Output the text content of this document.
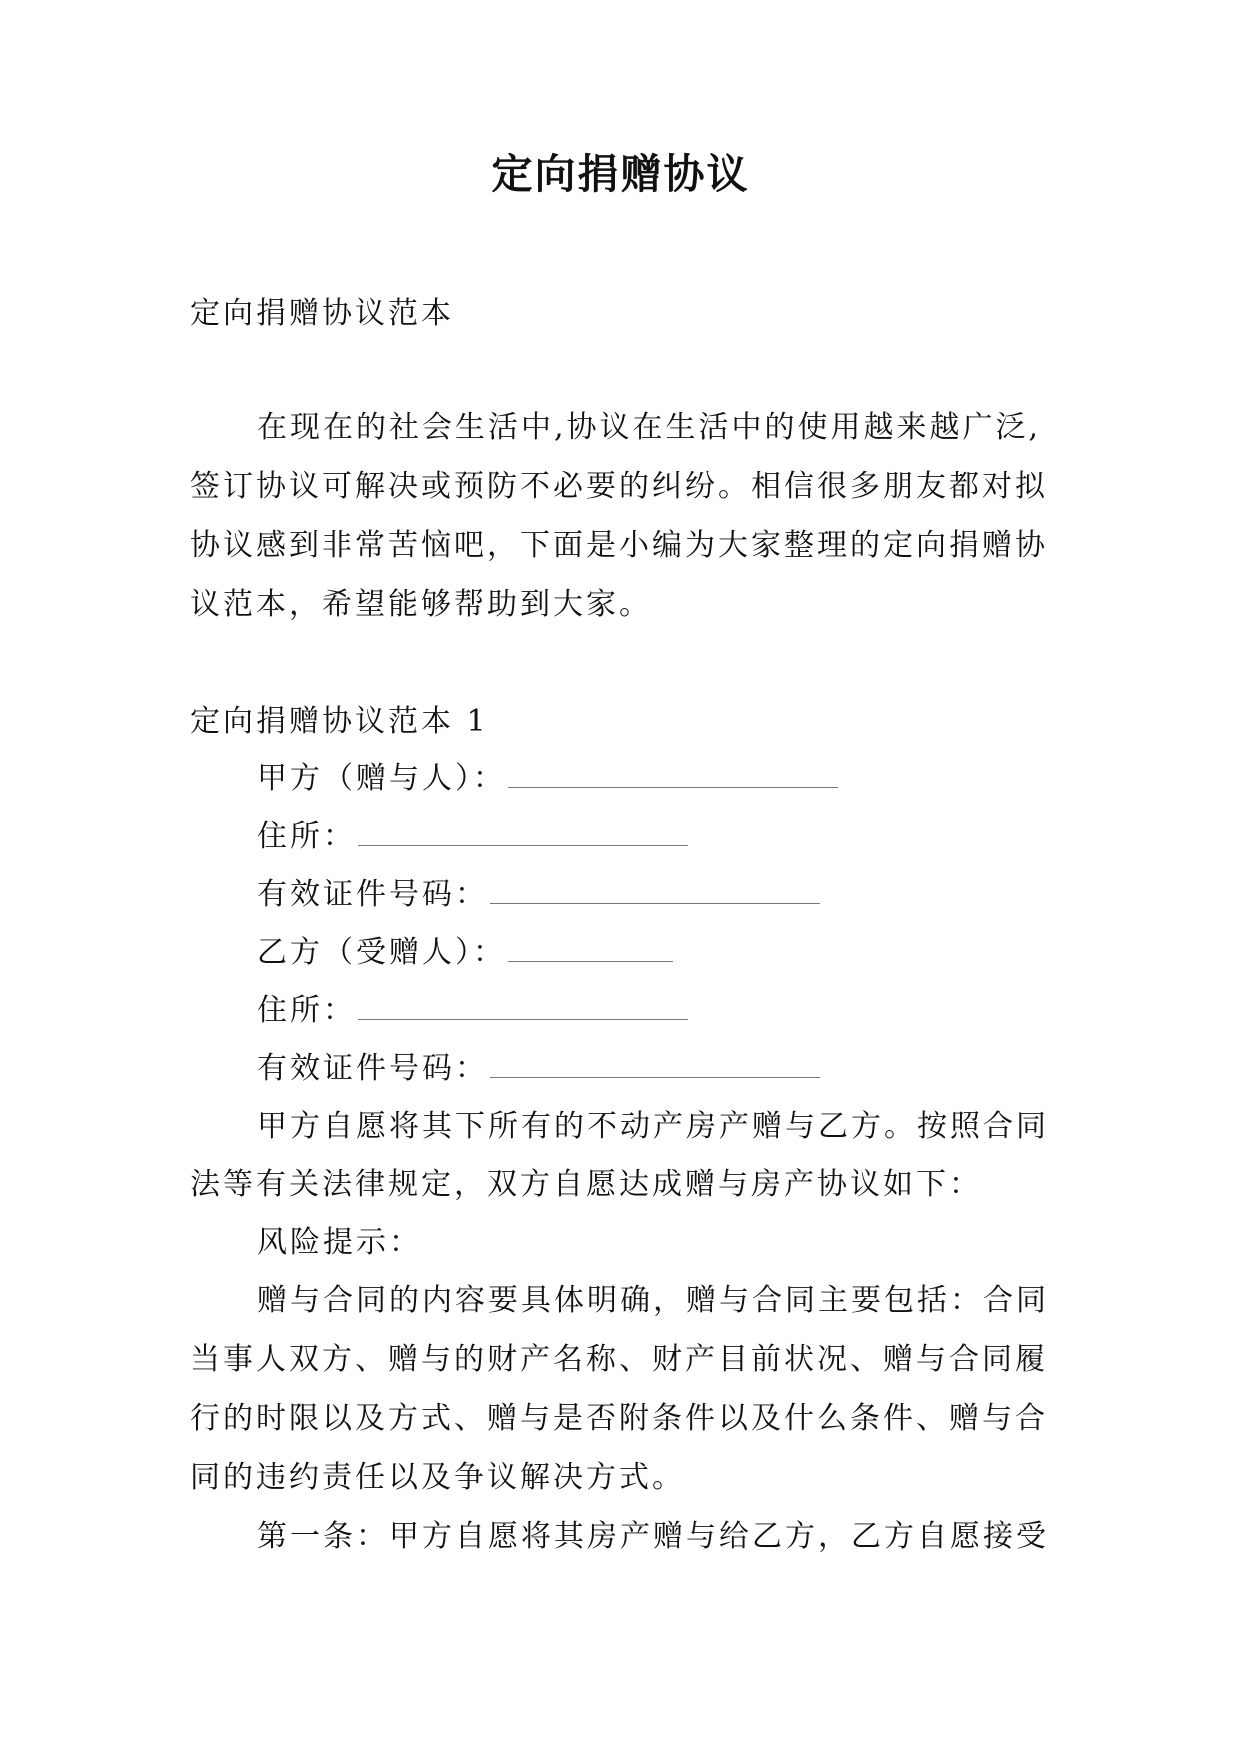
定向捐赠协议
定向捐赠协议范本
在现在的社会生活中,协议在生活中的使用越来越广泛,
签订协议可解决或预防不必要的纠纷。相信很多朋友都对拟
协议感到非常苦恼吧，下面是小编为大家整理的定向捐赠协
议范本，希望能够帮助到大家。
定向捐赠协议范本 1
甲方（赠与人）：
住所：
有效证件号码：
乙方（受赠人）：
住所：
有效证件号码：
甲方自愿将其下所有的不动产房产赠与乙方。按照合同
法等有关法律规定，双方自愿达成赠与房产协议如下：
风险提示：
赠与合同的内容要具体明确，赠与合同主要包括：合同
当事人双方、赠与的财产名称、财产目前状况、赠与合同履
行的时限以及方式、赠与是否附条件以及什么条件、赠与合
同的违约责任以及争议解决方式。
第一条：甲方自愿将其房产赠与给乙方，乙方自愿接受
